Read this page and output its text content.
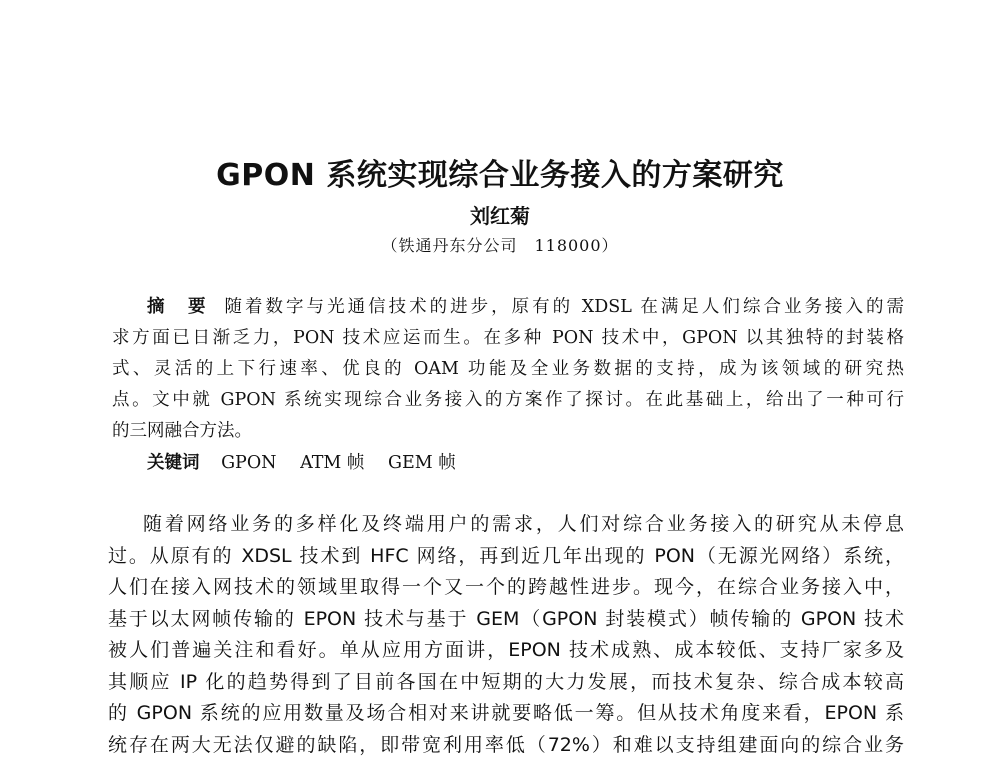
GPON 系统实现综合业务接入的方案研究
刘红菊
（铁通丹东分公司　118000）
摘　要 随着数字与光通信技术的进步，原有的 XDSL 在满足人们综合业务接入的需
求方面已日渐乏力，PON 技术应运而生。在多种 PON 技术中，GPON 以其独特的封装格
式、灵活的上下行速率、优良的 OAM 功能及全业务数据的支持，成为该领域的研究热
点。文中就 GPON 系统实现综合业务接入的方案作了探讨。在此基础上，给出了一种可行
的三网融合方法。
关键词 GPON ATM 帧 GEM 帧
随着网络业务的多样化及终端用户的需求，人们对综合业务接入的研究从未停息
过。从原有的 XDSL 技术到 HFC 网络，再到近几年出现的 PON（无源光网络）系统，
人们在接入网技术的领域里取得一个又一个的跨越性进步。现今，在综合业务接入中，
基于以太网帧传输的 EPON 技术与基于 GEM（GPON 封装模式）帧传输的 GPON 技术
被人们普遍关注和看好。单从应用方面讲，EPON 技术成熟、成本较低、支持厂家多及
其顺应 IP 化的趋势得到了目前各国在中短期的大力发展，而技术复杂、综合成本较高
的 GPON 系统的应用数量及场合相对来讲就要略低一筹。但从技术角度来看，EPON 系
统存在两大无法仅避的缺陷，即带宽利用率低（72%）和难以支持组建面向的综合业务
